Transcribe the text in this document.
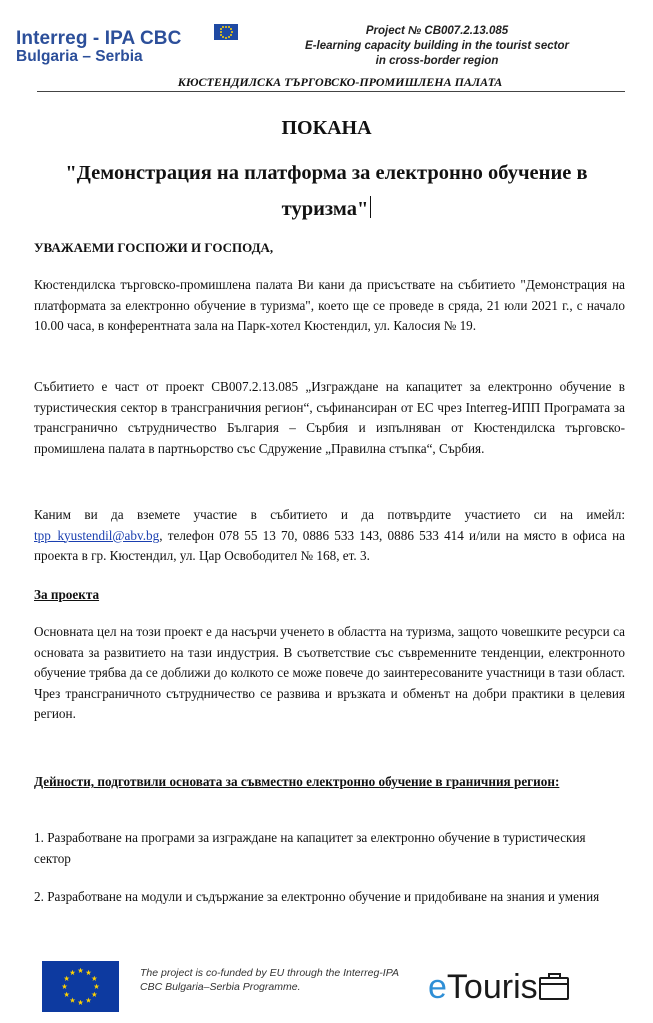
Interreg - IPA CBC
Bulgaria – Serbia
Project № CB007.2.13.085
E-learning capacity building in the tourist sector
in cross-border region
КЮСТЕНДИЛСКА ТЪРГОВСКО-ПРОМИШЛЕНА ПАЛАТА
ПОКАНА
"Демонстрация на платформа за електронно обучение в туризма"
УВАЖАЕМИ ГОСПОЖИ И ГОСПОДА,
Кюстендилска търговско-промишлена палата Ви кани да присъствате на събитието "Демонстрация на платформата за електронно обучение в туризма", което ще се проведе в сряда, 21 юли 2021 г., с начало 10.00 часа, в конферентната зала на Парк-хотел Кюстендил, ул. Калосия № 19.
Събитието е част от проект CB007.2.13.085 „Изграждане на капацитет за електронно обучение в туристическия сектор в трансграничния регион“, съфинансиран от ЕС чрез Interreg-ИПП Програмата за трансгранично сътрудничество България – Сърбия и изпълняван от Кюстендилска търговско-промишлена палата в партньорство със Сдружение „Правилна стъпка“, Сърбия.
Каним ви да вземете участие в събитието и да потвърдите участието си на имейл: tpp_kyustendil@abv.bg, телефон 078 55 13 70, 0886 533 143, 0886 533 414 и/или на място в офиса на проекта в гр. Кюстендил, ул. Цар Освободител № 168, ет. 3.
За проекта
Основната цел на този проект е да насърчи ученето в областта на туризма, защото човешките ресурси са основата за развитието на тази индустрия. В съответствие със съвременните тенденции, електронното обучение трябва да се доближи до колкото се може повече до заинтересованите участници в тази област. Чрез трансграничното сътрудничество се развива и връзката и обменът на добри практики в целевия регион.
Дейности, подготвили основата за съвместно електронно обучение в граничния регион:
1. Разработване на програми за изграждане на капацитет за електронно обучение в туристическия сектор
2. Разработване на модули и съдържание за електронно обучение и придобиване на знания и умения
The project is co-funded by EU through the Interreg-IPA CBC Bulgaria–Serbia Programme.	eTouris
